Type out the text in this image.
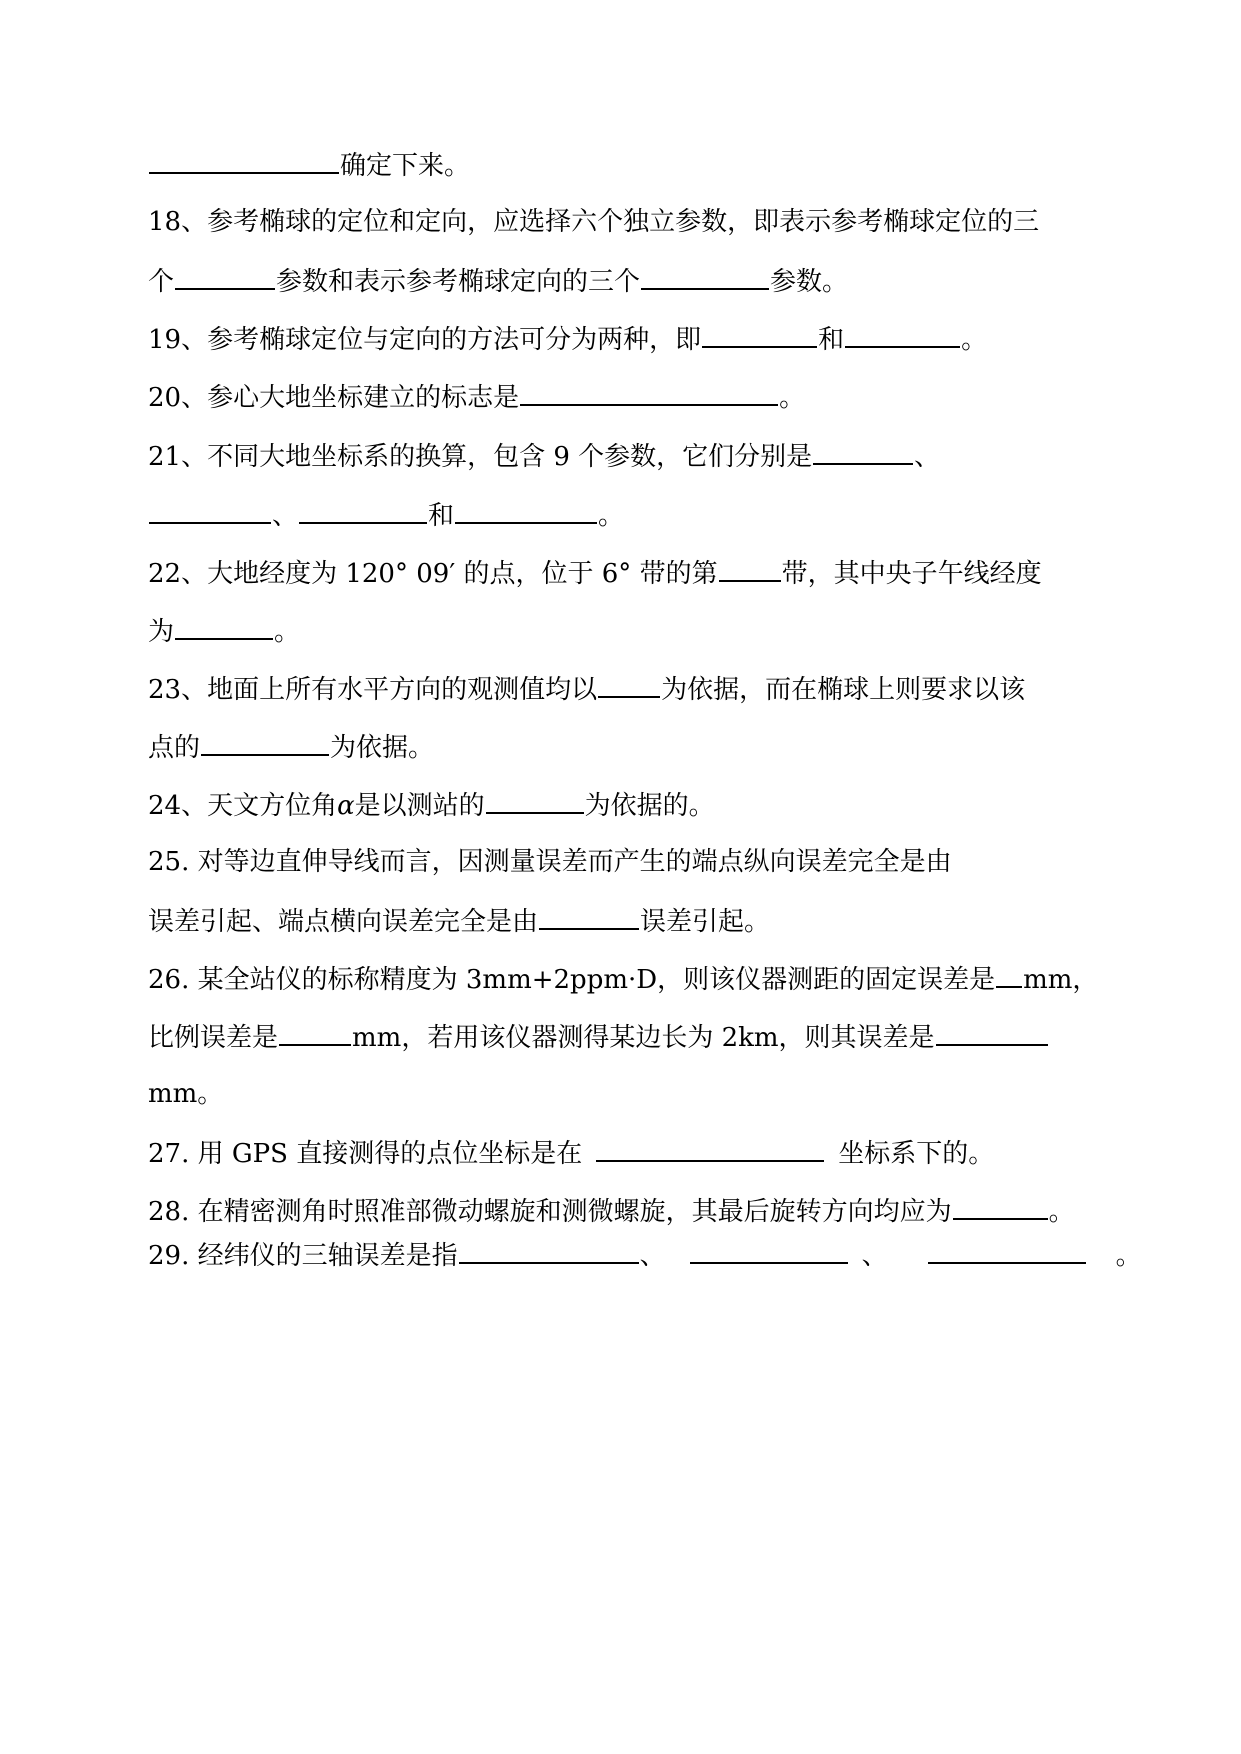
确定下来。
18、参考椭球的定位和定向，应选择六个独立参数，即表示参考椭球定位的三
个	参数和表示参考椭球定向的三个	参数。
19、参考椭球定位与定向的方法可分为两种，即	和	。
20、参心大地坐标建立的标志是	。
21、不同大地坐标系的换算，包含 9 个参数，它们分别是	、
、	和	。
22、大地经度为 120° 09′ 的点，位于 6° 带的第 带，其中央子午线经度
为	。
23、地面上所有水平方向的观测值均以 为依据，而在椭球上则要求以该
点的	为依据。
24、天文方位角α是以测站的	为依据的。
25. 对等边直伸导线而言，因测量误差而产生的端点纵向误差完全是由
误差引起、端点横向误差完全是由	误差引起。
26. 某全站仪的标称精度为 3mm+2ppm·D，则该仪器测距的固定误差是 mm，
比例误差是	mm，若用该仪器测得某边长为 2km，则其误差是
mm。
27. 用 GPS 直接测得的点位坐标是在	坐标系下的。
28. 在精密测角时照准部微动螺旋和测微螺旋，其最后旋转方向均应为	。
29. 经纬仪的三轴误差是指	、	、	。
